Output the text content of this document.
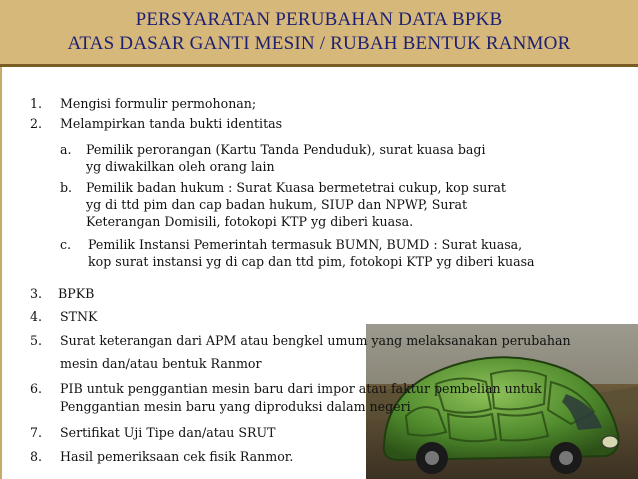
PERSYARATAN PERUBAHAN DATA BPKB
ATAS DASAR GANTI MESIN / RUBAH BENTUK RANMOR
1. Mengisi formulir permohonan;
2. Melampirkan tanda bukti identitas
a. Pemilik perorangan (Kartu Tanda Penduduk), surat kuasa bagi
yg diwakilkan oleh orang lain
b. Pemilik badan hukum : Surat Kuasa bermetetrai cukup, kop surat
yg di ttd pim dan cap badan hukum, SIUP dan NPWP, Surat
Keterangan Domisili, fotokopi KTP yg diberi kuasa.
c. Pemilik Instansi Pemerintah termasuk BUMN, BUMD : Surat kuasa,
kop surat instansi yg di cap dan ttd pim, fotokopi KTP yg diberi kuasa
3. BPKB
4. STNK
5. Surat keterangan dari APM atau bengkel umum yang melaksanakan perubahan
mesin dan/atau bentuk Ranmor
6. PIB untuk penggantian mesin baru dari impor atau faktur pembelian untuk
Penggantian mesin baru yang diproduksi dalam negeri
7. Sertifikat Uji Tipe dan/atau SRUT
8. Hasil pemeriksaan cek fisik Ranmor.
